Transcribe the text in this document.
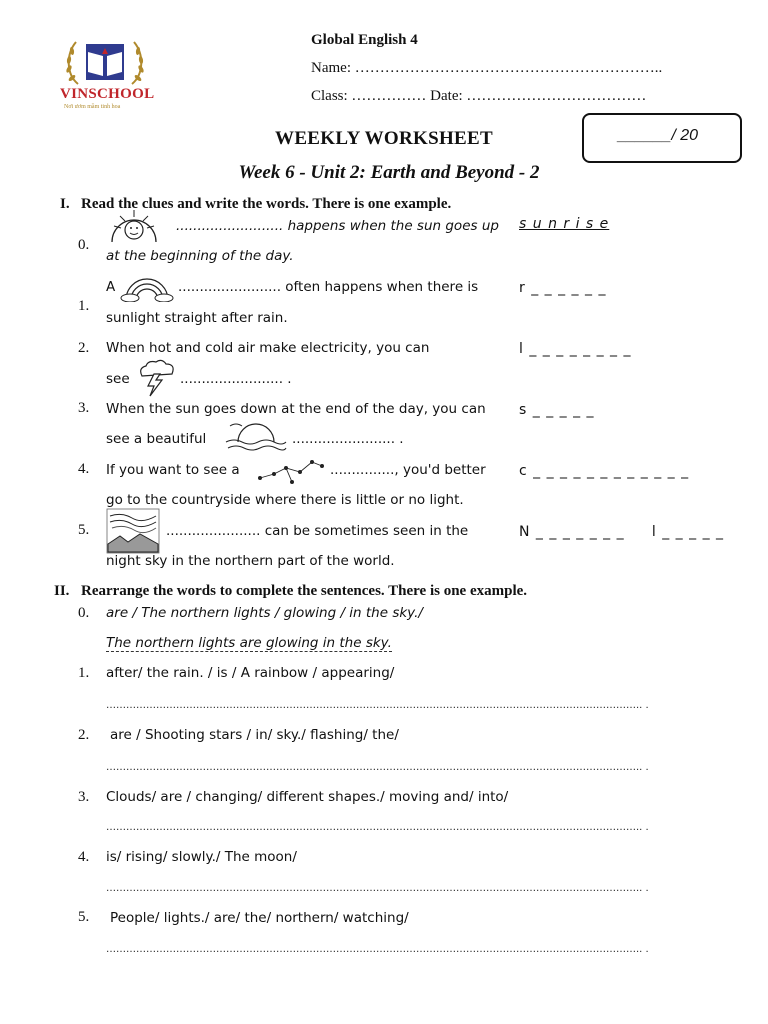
VINSCHOOL
Nơi ươm mầm tinh hoa
Global English 4
Name: ……………………………………………………..
Class: …………… Date: ………………………………
______/ 20
WEEKLY WORKSHEET
Week 6 - Unit 2: Earth and Beyond - 2
I. Read the clues and write the words. There is one example.
0.
......................... happens when the sun goes up
at the beginning of the day.
s u n r i s e
1.
A	........................ often happens when there is
sunlight straight after rain.
r _ _ _ _ _ _
2. When hot and cold air make electricity, you can
see	........................ .
l _ _ _ _ _ _ _ _
3. When the sun goes down at the end of the day, you can
see a beautiful	........................ .
s _ _ _ _ _
4. If you want to see a	..............., you'd better
go to the countryside where there is little or no light.
c _ _ _ _ _ _ _ _ _ _ _ _
5.	...................... can be sometimes seen in the
night sky in the northern part of the world.
N _ _ _ _ _ _ _     l _ _ _ _ _
II. Rearrange the words to complete the sentences. There is one example.
0. are / The northern lights / glowing / in the sky./
The northern lights are glowing in the sky.
1. after/ the rain. / is / A rainbow / appearing/
…………………………………………………………………………………………………………………………………………….. .
2. are / Shooting stars / in/ sky./ flashing/ the/
…………………………………………………………………………………………………………………………………………….. .
3. Clouds/ are / changing/ different shapes./ moving and/ into/
…………………………………………………………………………………………………………………………………………….. .
4. is/ rising/ slowly./ The moon/
…………………………………………………………………………………………………………………………………………….. .
5. People/ lights./ are/ the/ northern/ watching/
…………………………………………………………………………………………………………………………………………….. .
